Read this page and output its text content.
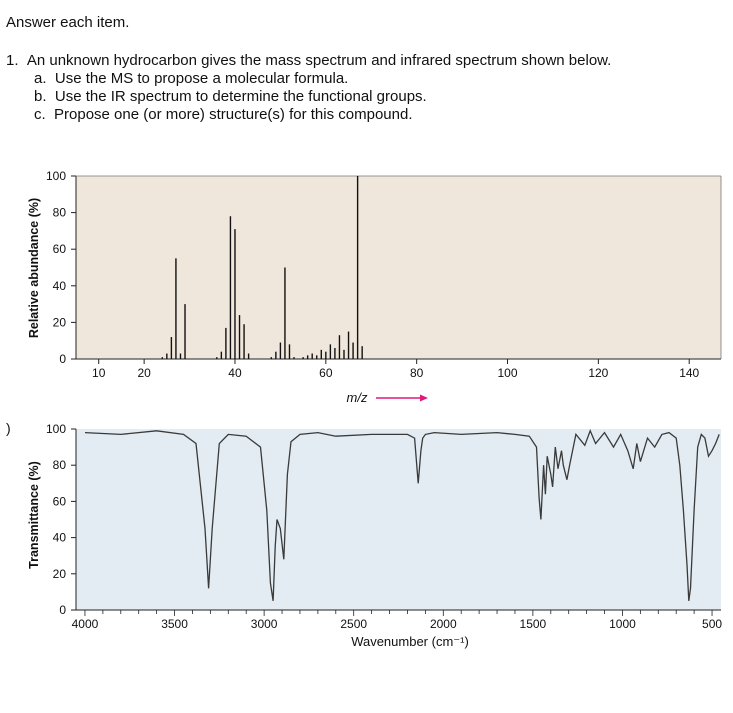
Answer each item.
1. An unknown hydrocarbon gives the mass spectrum and infrared spectrum shown below.
a. Use the MS to propose a molecular formula.
b. Use the IR spectrum to determine the functional groups.
c. Propose one (or more) structure(s) for this compound.
)
0
20
40
60
80
100
10	20	40	60	80	100	120	140
Relative abundance (%)
m/z
0
20
40
60
80
100
4000	3500	3000	2500	2000	1500	1000	500
Transmittance (%)
Wavenumber (cm⁻¹)
